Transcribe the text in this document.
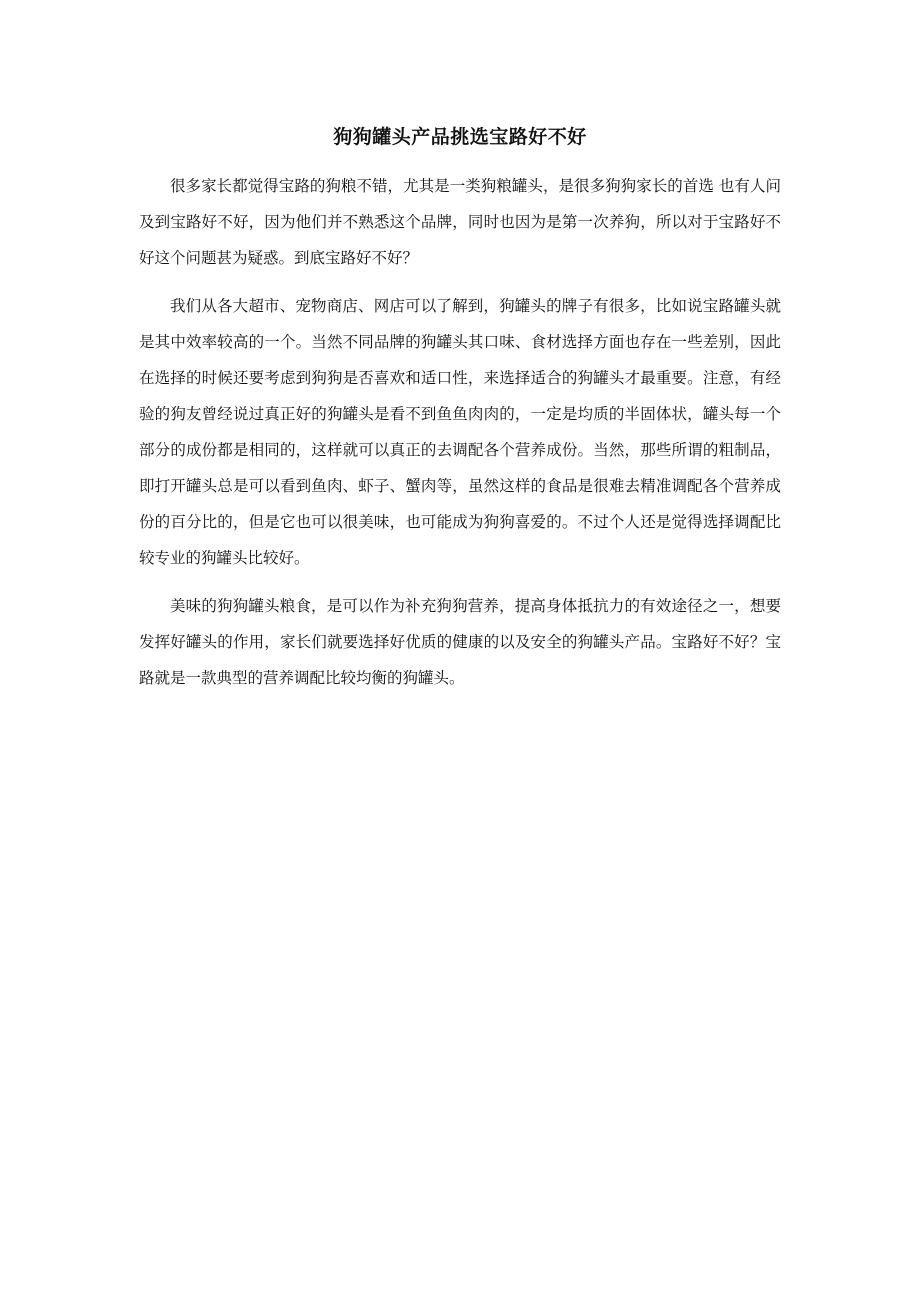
狗狗罐头产品挑选宝路好不好

很多家长都觉得宝路的狗粮不错，尤其是一类狗粮罐头，是很多狗狗家长的首选 也有人问及到宝路好不好，因为他们并不熟悉这个品牌，同时也因为是第一次养狗，所以对于宝路好不好这个问题甚为疑惑。到底宝路好不好？

我们从各大超市、宠物商店、网店可以了解到，狗罐头的牌子有很多，比如说宝路罐头就是其中效率较高的一个。当然不同品牌的狗罐头其口味、食材选择方面也存在一些差别，因此在选择的时候还要考虑到狗狗是否喜欢和适口性，来选择适合的狗罐头才最重要。注意，有经验的狗友曾经说过真正好的狗罐头是看不到鱼鱼肉肉的，一定是均质的半固体状，罐头每一个部分的成份都是相同的，这样就可以真正的去调配各个营养成份。当然，那些所谓的粗制品，即打开罐头总是可以看到鱼肉、虾子、蟹肉等，虽然这样的食品是很难去精准调配各个营养成份的百分比的，但是它也可以很美味，也可能成为狗狗喜爱的。不过个人还是觉得选择调配比较专业的狗罐头比较好。

美味的狗狗罐头粮食，是可以作为补充狗狗营养，提高身体抵抗力的有效途径之一，想要发挥好罐头的作用，家长们就要选择好优质的健康的以及安全的狗罐头产品。宝路好不好？宝路就是一款典型的营养调配比较均衡的狗罐头。
